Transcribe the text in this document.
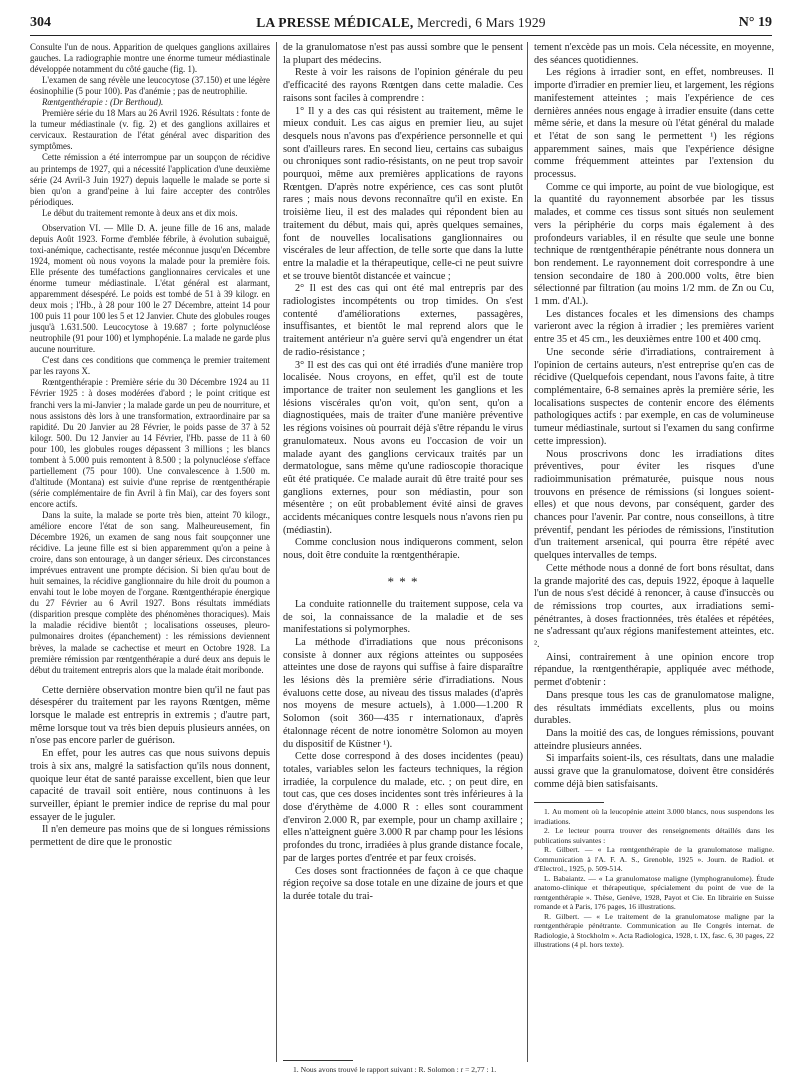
304	LA PRESSE MÉDICALE, Mercredi, 6 Mars 1929	N° 19

Consulte l'un de nous. Apparition de quelques ganglions axillaires gauches. La radiographie montre une énorme tumeur médiastinale développée notamment du côté gauche (fig. 1).

L'examen de sang révèle une leucocytose (37.150) et une légère éosinophilie (5 pour 100). Pas d'anémie ; pas de neutrophilie.

Rœntgenthérapie : (Dr Berthoud).

Première série du 18 Mars au 26 Avril 1926. Résultats : fonte de la tumeur médiastinale (v. fig. 2) et des ganglions axillaires et cervicaux. Restauration de l'état général avec disparition des symptômes.

Cette rémission a été interrompue par un soupçon de récidive au printemps de 1927, qui a nécessité l'application d'une deuxième série (24 Avril-3 Juin 1927) depuis laquelle le malade se porte si bien qu'on a grand'peine à lui faire accepter des contrôles périodiques.

Le début du traitement remonte à deux ans et dix mois.

Observation VI. — Mlle D. A. jeune fille de 16 ans, malade depuis Août 1923. Forme d'emblée fébrile, à évolution subaiguë, toxi-anémique, cachectisante, restée méconnue jusqu'en Décembre 1924, moment où nous voyons la malade pour la première fois. Elle présente des tuméfactions ganglionnaires cervicales et une énorme tumeur médiastinale. L'état général est alarmant, apparemment désespéré. Le poids est tombé de 51 à 39 kilogr. en deux mois ; l'Hb., à 28 pour 100 le 27 Décembre, atteint 14 pour 100 puis 11 pour 100 les 5 et 12 Janvier. Chute des globules rouges jusqu'à 1.631.500. Leucocytose à 19.687 ; forte polynucléose neutrophile (91 pour 100) et lymphopénie. La malade ne garde plus aucune nourriture.

C'est dans ces conditions que commença le premier traitement par les rayons X.

Rœntgenthérapie : Première série du 30 Décembre 1924 au 11 Février 1925 : à doses modérées d'abord ; le point critique est franchi vers la mi-Janvier ; la malade garde un peu de nourriture, et nous assistons dès lors à une transformation, extraordinaire par sa rapidité. Du 20 Janvier au 28 Février, le poids passe de 37 à 52 kilogr. 500. Du 12 Janvier au 14 Février, l'Hb. passe de 11 à 60 pour 100, les globules rouges dépassent 3 millions ; les blancs tombent à 5.000 puis remontent à 8.500 ; la polynucléose s'efface partiellement (75 pour 100). Une convalescence à 1.500 m. d'altitude (Montana) est suivie d'une reprise de rœntgenthérapie (série complémentaire de fin Avril à fin Mai), car des foyers sont encore actifs.

Dans la suite, la malade se porte très bien, atteint 70 kilogr., améliore encore l'état de son sang. Malheureusement, fin Décembre 1926, un examen de sang nous fait soupçonner une récidive. La jeune fille est si bien apparemment qu'on a peine à croire, dans son entourage, à un danger sérieux. Des circonstances imprévues entravent une prompte décision. Si bien qu'au bout de huit semaines, la récidive ganglionnaire du hile droit du poumon a envahi tout le lobe moyen de l'organe. Rœntgenthérapie énergique du 27 Février au 6 Avril 1927. Bons résultats immédiats (disparition presque complète des phénomènes thoraciques). Mais la maladie récidive bientôt ; localisations osseuses, pleuro-pulmonaires droites (épanchement) : les rémissions deviennent brèves, la malade se cachectise et meurt en Octobre 1928. La première rémission par rœntgenthérapie a duré deux ans depuis le début du traitement entrepris alors que la malade était moribonde.

Cette dernière observation montre bien qu'il ne faut pas désespérer du traitement par les rayons Rœntgen, même lorsque le malade est entrepris in extremis ; d'autre part, même lorsque tout va très bien depuis plusieurs années, on n'ose pas encore parler de guérison.

En effet, pour les autres cas que nous suivons depuis trois à six ans, malgré la satisfaction qu'ils nous donnent, quoique leur état de santé paraisse excellent, bien que leur capacité de travail soit entière, nous continuons à les surveiller, épiant le premier indice de reprise du mal pour essayer de le juguler.

Il n'en demeure pas moins que de si longues rémissions permettent de dire que le pronostic

de la granulomatose n'est pas aussi sombre que le pensent la plupart des médecins.

Reste à voir les raisons de l'opinion générale du peu d'efficacité des rayons Rœntgen dans cette maladie. Ces raisons sont faciles à comprendre :

1° Il y a des cas qui résistent au traitement, même le mieux conduit. Les cas aigus en premier lieu, au sujet desquels nous n'avons pas d'expérience personnelle et qui sont d'ailleurs rares. En second lieu, certains cas subaigus ou chroniques sont radio-résistants, on ne peut trop savoir pourquoi, même aux premières applications de rayons Rœntgen. D'après notre expérience, ces cas sont plutôt rares ; mais nous devons reconnaître qu'il en existe. En troisième lieu, il est des malades qui répondent bien au traitement du début, mais qui, après quelques semaines, font de nouvelles localisations ganglionnaires ou viscérales de leur affection, de telle sorte que dans la lutte entre la maladie et la thérapeutique, celle-ci ne peut suivre et se trouve bientôt distancée et vaincue ;

2° Il est des cas qui ont été mal entrepris par des radiologistes incompétents ou trop timides. On s'est contenté d'améliorations externes, passagères, insuffisantes, et bientôt le mal reprend alors que le traitement antérieur n'a guère servi qu'à engendrer un état de radio-résistance ;

3° Il est des cas qui ont été irradiés d'une manière trop localisée. Nous croyons, en effet, qu'il est de toute importance de traiter non seulement les ganglions et les lésions viscérales qu'on voit, qu'on sent, qu'on a diagnostiquées, mais de traiter d'une manière préventive les régions voisines où pourrait déjà s'être répandu le virus granulomateux. Nous avons eu l'occasion de voir un malade ayant des ganglions cervicaux traités par un dermatologue, sans même qu'une radioscopie thoracique eût été pratiquée. Ce malade aurait dû être traité pour ses ganglions externes, pour son médiastin, pour son mésentère ; on eût probablement évité ainsi de graves accidents mécaniques contre lesquels nous n'avons rien pu (médiastin).

Comme conclusion nous indiquerons comment, selon nous, doit être conduite la rœntgenthérapie.

* * *

La conduite rationnelle du traitement suppose, cela va de soi, la connaissance de la maladie et de ses manifestations si polymorphes.

La méthode d'irradiations que nous préconisons consiste à donner aux régions atteintes ou supposées atteintes une dose de rayons qui suffise à faire disparaître les lésions dès la première série d'irradiations. Nous évaluons cette dose, au niveau des tissus malades (d'après nos moyens de mesure actuels), à 1.000—1.200 R Solomon (soit 360—435 r internationaux, d'après étalonnage récent de notre ionomètre Solomon au moyen du dispositif de Küstner ¹).

Cette dose correspond à des doses incidentes (peau) totales, variables selon les facteurs techniques, la région irradiée, la corpulence du malade, etc. ; on peut dire, en tout cas, que ces doses incidentes sont très inférieures à la dose d'érythème de 4.000 R : elles sont couramment d'environ 2.000 R, par exemple, pour un champ axillaire ; elles n'atteignent guère 3.000 R par champ pour les lésions profondes du tronc, irradiées à plus grande distance focale, par de larges portes d'entrée et par feux croisés.

Ces doses sont fractionnées de façon à ce que chaque région reçoive sa dose totale en une dizaine de jours et que la durée totale du trai-

1. Nous avons trouvé le rapport suivant : R. Solomon : r = 2,77 : 1.

tement n'excède pas un mois. Cela nécessite, en moyenne, des séances quotidiennes.

Les régions à irradier sont, en effet, nombreuses. Il importe d'irradier en premier lieu, et largement, les régions manifestement atteintes ; mais l'expérience de ces dernières années nous engage à irradier ensuite (dans cette même série, et dans la mesure où l'état général du malade et l'état de son sang le permettent ¹) les régions apparemment saines, mais que l'expérience désigne comme fréquemment atteintes par l'extension du processus.

Comme ce qui importe, au point de vue biologique, est la quantité du rayonnement absorbée par les tissus malades, et comme ces tissus sont situés non seulement vers la périphérie du corps mais également à des profondeurs variables, il en résulte que seule une bonne technique de rœntgenthérapie pénétrante nous donnera un bon rendement. Le rayonnement doit correspondre à une tension secondaire de 180 à 200.000 volts, être bien sélectionné par filtration (au moins 1/2 mm. de Zn ou Cu, 1 mm. d'Al.).

Les distances focales et les dimensions des champs varieront avec la région à irradier ; les premières varient entre 35 et 45 cm., les deuxièmes entre 100 et 400 cmq.

Une seconde série d'irradiations, contrairement à l'opinion de certains auteurs, n'est entreprise qu'en cas de récidive (Quelquefois cependant, nous l'avons faite, à titre complémentaire, 6-8 semaines après la première série, les localisations suspectes de contenir encore des éléments pathologiques actifs : par exemple, en cas de volumineuse tumeur médiastinale, surtout si l'examen du sang confirme cette impression).

Nous proscrivons donc les irradiations dites préventives, pour éviter les risques d'une radioimmunisation prématurée, puisque nous nous trouvons en présence de rémissions (si longues soient-elles) et que nous devons, par conséquent, garder des chances pour l'avenir. Par contre, nous conseillons, à titre préventif, pendant les périodes de rémissions, l'institution d'un traitement arsenical, qui pourra être répété avec quelques intervalles de temps.

Cette méthode nous a donné de fort bons résultat, dans la grande majorité des cas, depuis 1922, époque à laquelle l'un de nous s'est décidé à renoncer, à cause d'insuccès ou de rémissions trop courtes, aux irradiations semi-pénétrantes, à doses fractionnées, très étalées et répétées, ne s'adressant qu'aux régions manifestement atteintes, etc. ².

Ainsi, contrairement à une opinion encore trop répandue, la rœntgenthérapie, appliquée avec méthode, permet d'obtenir :

Dans presque tous les cas de granulomatose maligne, des résultats immédiats excellents, plus ou moins durables.

Dans la moitié des cas, de longues rémissions, pouvant atteindre plusieurs années.

Si imparfaits soient-ils, ces résultats, dans une maladie aussi grave que la granulomatose, doivent être considérés comme déjà bien satisfaisants.

1. Au moment où la leucopénie atteint 3.000 blancs, nous suspendons les irradiations.

2. Le lecteur pourra trouver des renseignements détaillés dans les publications suivantes :

R. Gilbert. — « La rœntgenthérapie de la granulomatose maligne. Communication à l'A. F. A. S., Grenoble, 1925 ». Journ. de Radiol. et d'Electrol., 1925, p. 509-514.

L. Babaiantz. — « La granulomatose maligne (lymphogranulome). Étude anatomo-clinique et thérapeutique, spécialement du point de vue de la rœntgenthérapie ». Thèse, Genève, 1928, Payot et Cie. En librairie en Suisse romande et à Paris, 176 pages, 16 illustrations.

R. Gilbert. — « Le traitement de la granulomatose maligne par la rœntgenthérapie pénétrante. Communication au IIe Congrès internat. de Radiologie, à Stockholm ». Acta Radiologica, 1928, t. IX, fasc. 6, 30 pages, 22 illustrations (4 pl. hors texte).
